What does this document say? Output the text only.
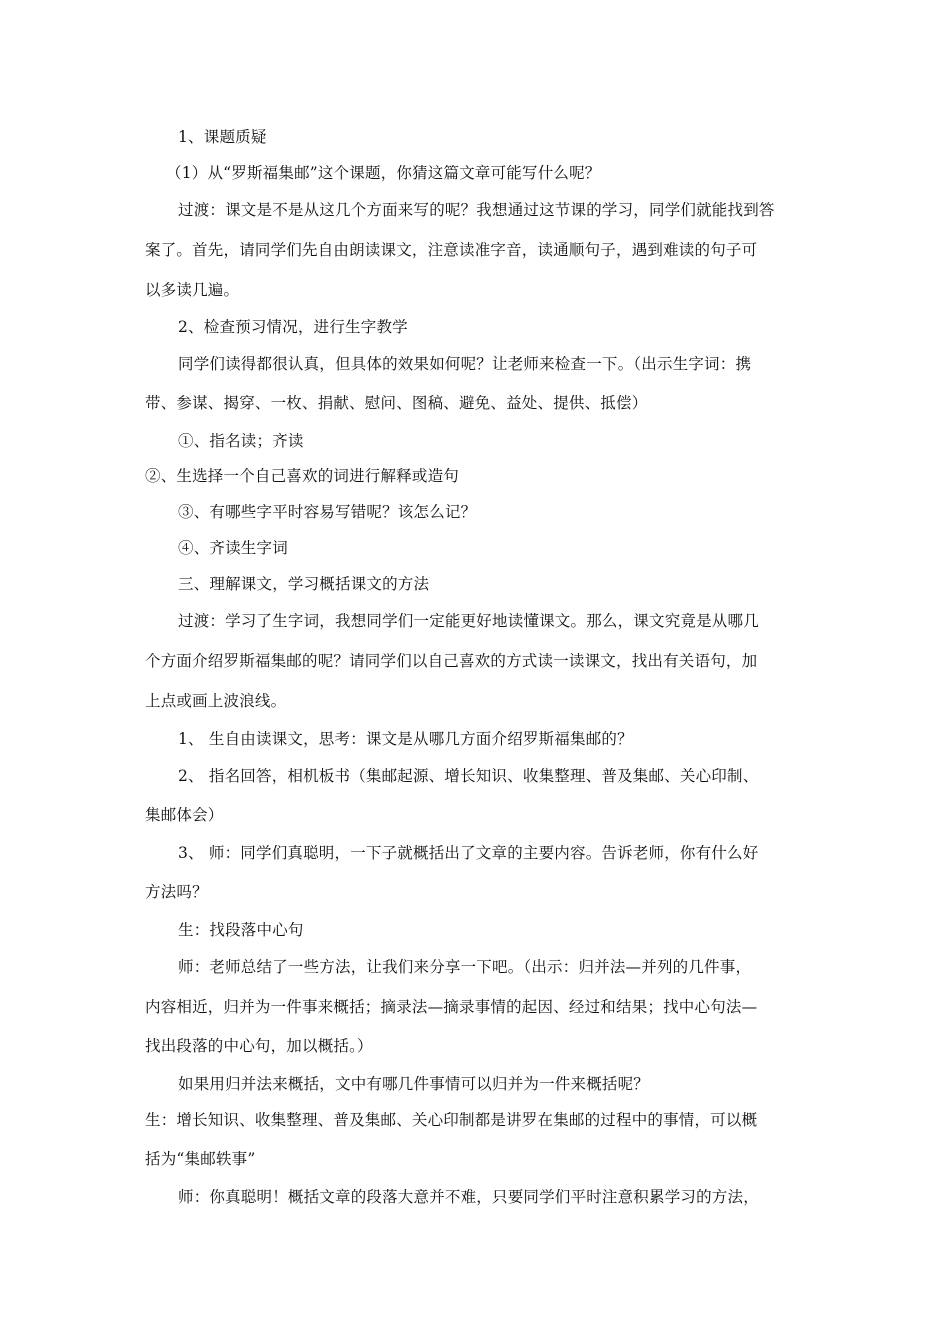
1、课题质疑
（1）从“罗斯福集邮”这个课题，你猜这篇文章可能写什么呢？
过渡：课文是不是从这几个方面来写的呢？我想通过这节课的学习，同学们就能找到答
案了。首先，请同学们先自由朗读课文，注意读准字音，读通顺句子，遇到难读的句子可
以多读几遍。
2、检查预习情况，进行生字教学
同学们读得都很认真，但具体的效果如何呢？让老师来检查一下。（出示生字词：携
带、参谋、揭穿、一枚、捐献、慰问、图稿、避免、益处、提供、抵偿）
①、指名读；齐读
②、生选择一个自己喜欢的词进行解释或造句
③、有哪些字平时容易写错呢？该怎么记？
④、齐读生字词
三、理解课文，学习概括课文的方法
过渡：学习了生字词，我想同学们一定能更好地读懂课文。那么，课文究竟是从哪几
个方面介绍罗斯福集邮的呢？请同学们以自己喜欢的方式读一读课文，找出有关语句，加
上点或画上波浪线。
1、 生自由读课文，思考：课文是从哪几方面介绍罗斯福集邮的？
2、 指名回答，相机板书（集邮起源、增长知识、收集整理、普及集邮、关心印制、
集邮体会）
3、 师：同学们真聪明，一下子就概括出了文章的主要内容。告诉老师，你有什么好
方法吗？
生：找段落中心句
师：老师总结了一些方法，让我们来分享一下吧。（出示：归并法—并列的几件事，
内容相近，归并为一件事来概括；摘录法—摘录事情的起因、经过和结果；找中心句法—
找出段落的中心句，加以概括。）
如果用归并法来概括，文中有哪几件事情可以归并为一件来概括呢？
生：增长知识、收集整理、普及集邮、关心印制都是讲罗在集邮的过程中的事情，可以概
括为“集邮轶事”
师：你真聪明！概括文章的段落大意并不难，只要同学们平时注意积累学习的方法，
